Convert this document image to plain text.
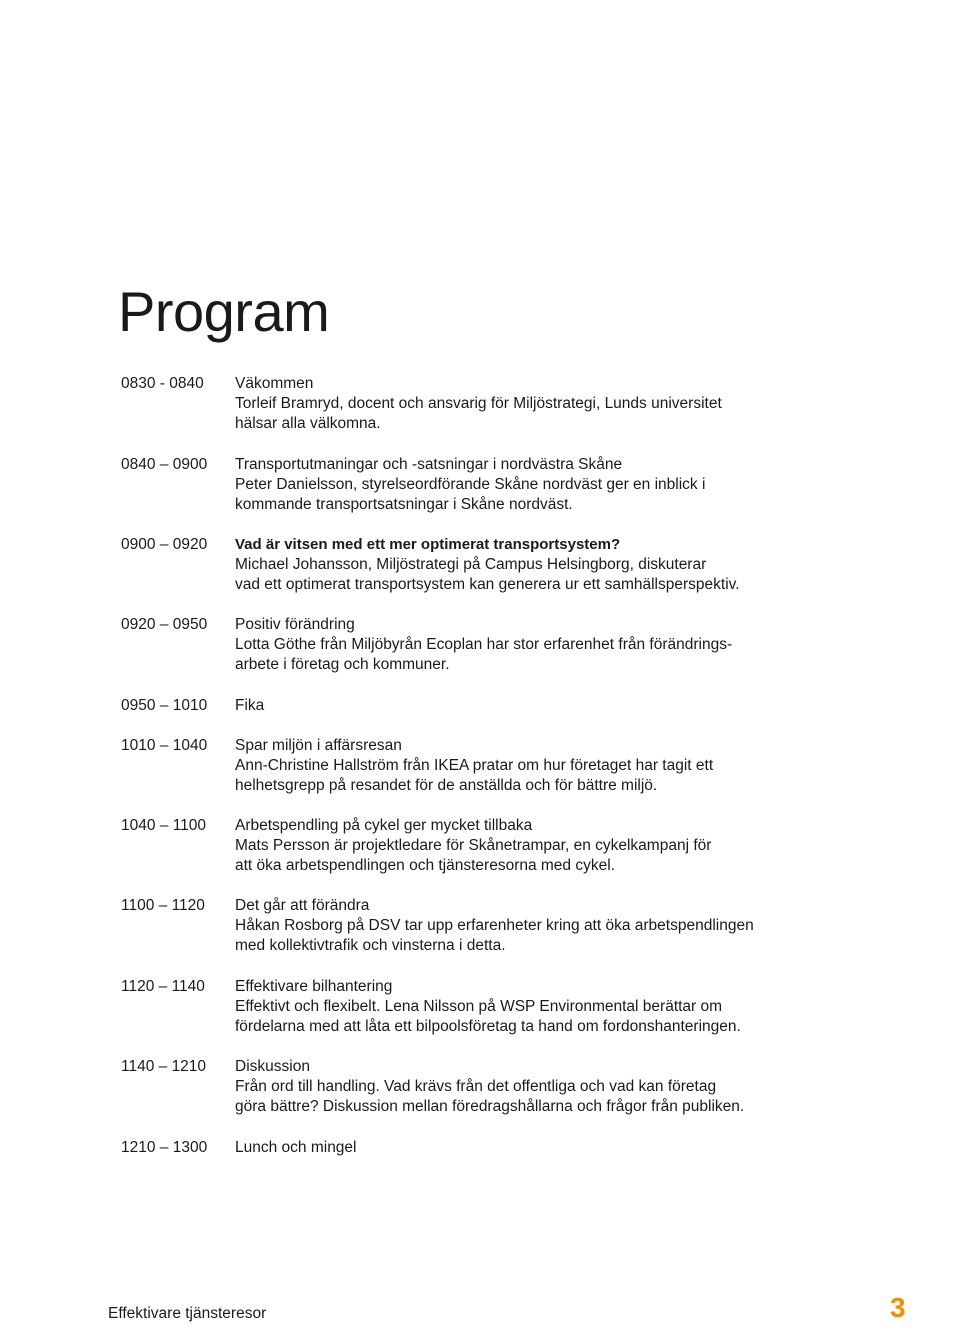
Program
0830 - 0840 Väkommen
Torleif Bramryd, docent och ansvarig för Miljöstrategi, Lunds universitet
hälsar alla välkomna.
0840 – 0900 Transportutmaningar och -satsningar i nordvästra Skåne
Peter Danielsson, styrelseordförande Skåne nordväst ger en inblick i
kommande transportsatsningar i Skåne nordväst.
0900 – 0920 Vad är vitsen med ett mer optimerat transportsystem?
Michael Johansson, Miljöstrategi på Campus Helsingborg, diskuterar
vad ett optimerat transportsystem kan generera ur ett samhällsperspektiv.
0920 – 0950 Positiv förändring
Lotta Göthe från Miljöbyrån Ecoplan har stor erfarenhet från förändrings-
arbete i företag och kommuner.
0950 – 1010 Fika
1010 – 1040 Spar miljön i affärsresan
Ann-Christine Hallström från IKEA pratar om hur företaget har tagit ett
helhetsgrepp på resandet för de anställda och för bättre miljö.
1040 – 1100 Arbetspendling på cykel ger mycket tillbaka
Mats Persson är projektledare för Skånetrampar, en cykelkampanj för
att öka arbetspendlingen och tjänsteresorna med cykel.
1100 – 1120 Det går att förändra
Håkan Rosborg på DSV tar upp erfarenheter kring att öka arbetspendlingen
med kollektivtrafik och vinsterna i detta.
1120 – 1140 Effektivare bilhantering
Effektivt och flexibelt. Lena Nilsson på WSP Environmental berättar om
fördelarna med att låta ett bilpoolsföretag ta hand om fordonshanteringen.
1140 – 1210 Diskussion
Från ord till handling. Vad krävs från det offentliga och vad kan företag
göra bättre? Diskussion mellan föredragshållarna och frågor från publiken.
1210 – 1300 Lunch och mingel
Effektivare tjänsteresor	3
